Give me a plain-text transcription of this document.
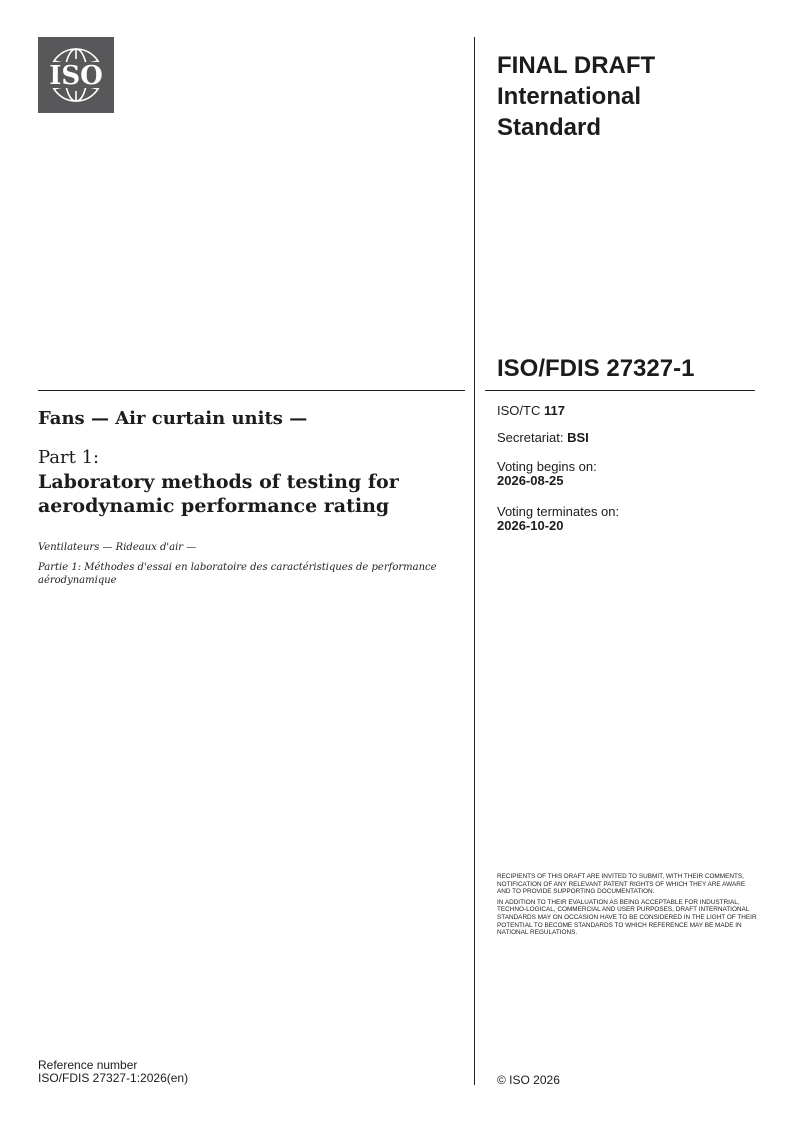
ISO	FINAL DRAFT
International
Standard
ISO/FDIS 27327-1
ISO/TC 117
Secretariat: BSI
Voting begins on:
2026-08-25
Voting terminates on:
2026-10-20
Fans — Air curtain units —
Part 1:
Laboratory methods of testing for aerodynamic performance rating
Ventilateurs — Rideaux d'air —
Partie 1: Méthodes d'essai en laboratoire des caractéristiques de performance aérodynamique

RECIPIENTS OF THIS DRAFT ARE INVITED TO SUBMIT, WITH THEIR COMMENTS, NOTIFICATION OF ANY RELEVANT PATENT RIGHTS OF WHICH THEY ARE AWARE AND TO PROVIDE SUPPORTING DOCUMENTATION.

IN ADDITION TO THEIR EVALUATION AS BEING ACCEPTABLE FOR INDUSTRIAL, TECHNO-LOGICAL, COMMERCIAL AND USER PURPOSES, DRAFT INTERNATIONAL STANDARDS MAY ON OCCASION HAVE TO BE CONSIDERED IN THE LIGHT OF THEIR POTENTIAL TO BECOME STANDARDS TO WHICH REFERENCE MAY BE MADE IN NATIONAL REGULATIONS.

Reference number
ISO/FDIS 27327-1:2026(en)	© ISO 2026
